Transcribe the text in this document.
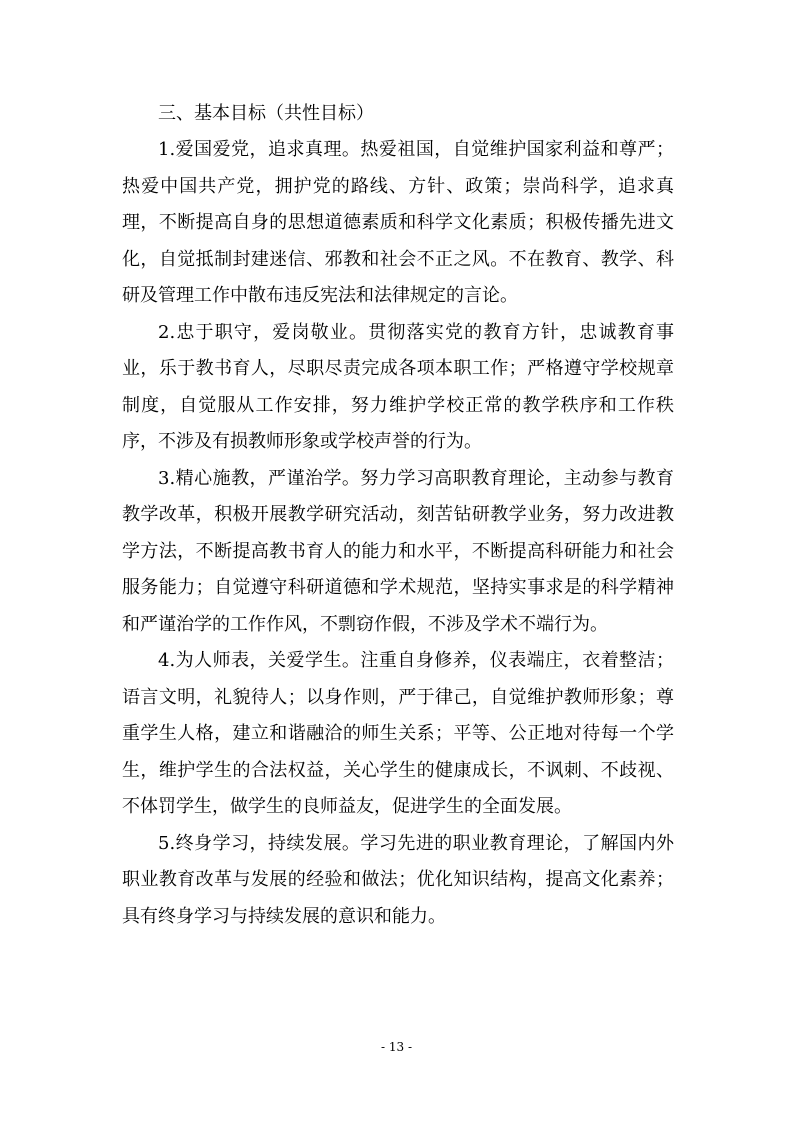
三、基本目标（共性目标）

1.爱国爱党，追求真理。热爱祖国，自觉维护国家利益和尊严；热爱中国共产党，拥护党的路线、方针、政策；崇尚科学，追求真理，不断提高自身的思想道德素质和科学文化素质；积极传播先进文化，自觉抵制封建迷信、邪教和社会不正之风。不在教育、教学、科研及管理工作中散布违反宪法和法律规定的言论。

2.忠于职守，爱岗敬业。贯彻落实党的教育方针，忠诚教育事业，乐于教书育人，尽职尽责完成各项本职工作；严格遵守学校规章制度，自觉服从工作安排，努力维护学校正常的教学秩序和工作秩序，不涉及有损教师形象或学校声誉的行为。

3.精心施教，严谨治学。努力学习高职教育理论，主动参与教育教学改革，积极开展教学研究活动，刻苦钻研教学业务，努力改进教学方法，不断提高教书育人的能力和水平，不断提高科研能力和社会服务能力；自觉遵守科研道德和学术规范，坚持实事求是的科学精神和严谨治学的工作作风，不剽窃作假，不涉及学术不端行为。

4.为人师表，关爱学生。注重自身修养，仪表端庄，衣着整洁；语言文明，礼貌待人；以身作则，严于律己，自觉维护教师形象；尊重学生人格，建立和谐融洽的师生关系；平等、公正地对待每一个学生，维护学生的合法权益，关心学生的健康成长，不讽刺、不歧视、不体罚学生，做学生的良师益友，促进学生的全面发展。

5.终身学习，持续发展。学习先进的职业教育理论，了解国内外职业教育改革与发展的经验和做法；优化知识结构，提高文化素养；具有终身学习与持续发展的意识和能力。

- 13 -
